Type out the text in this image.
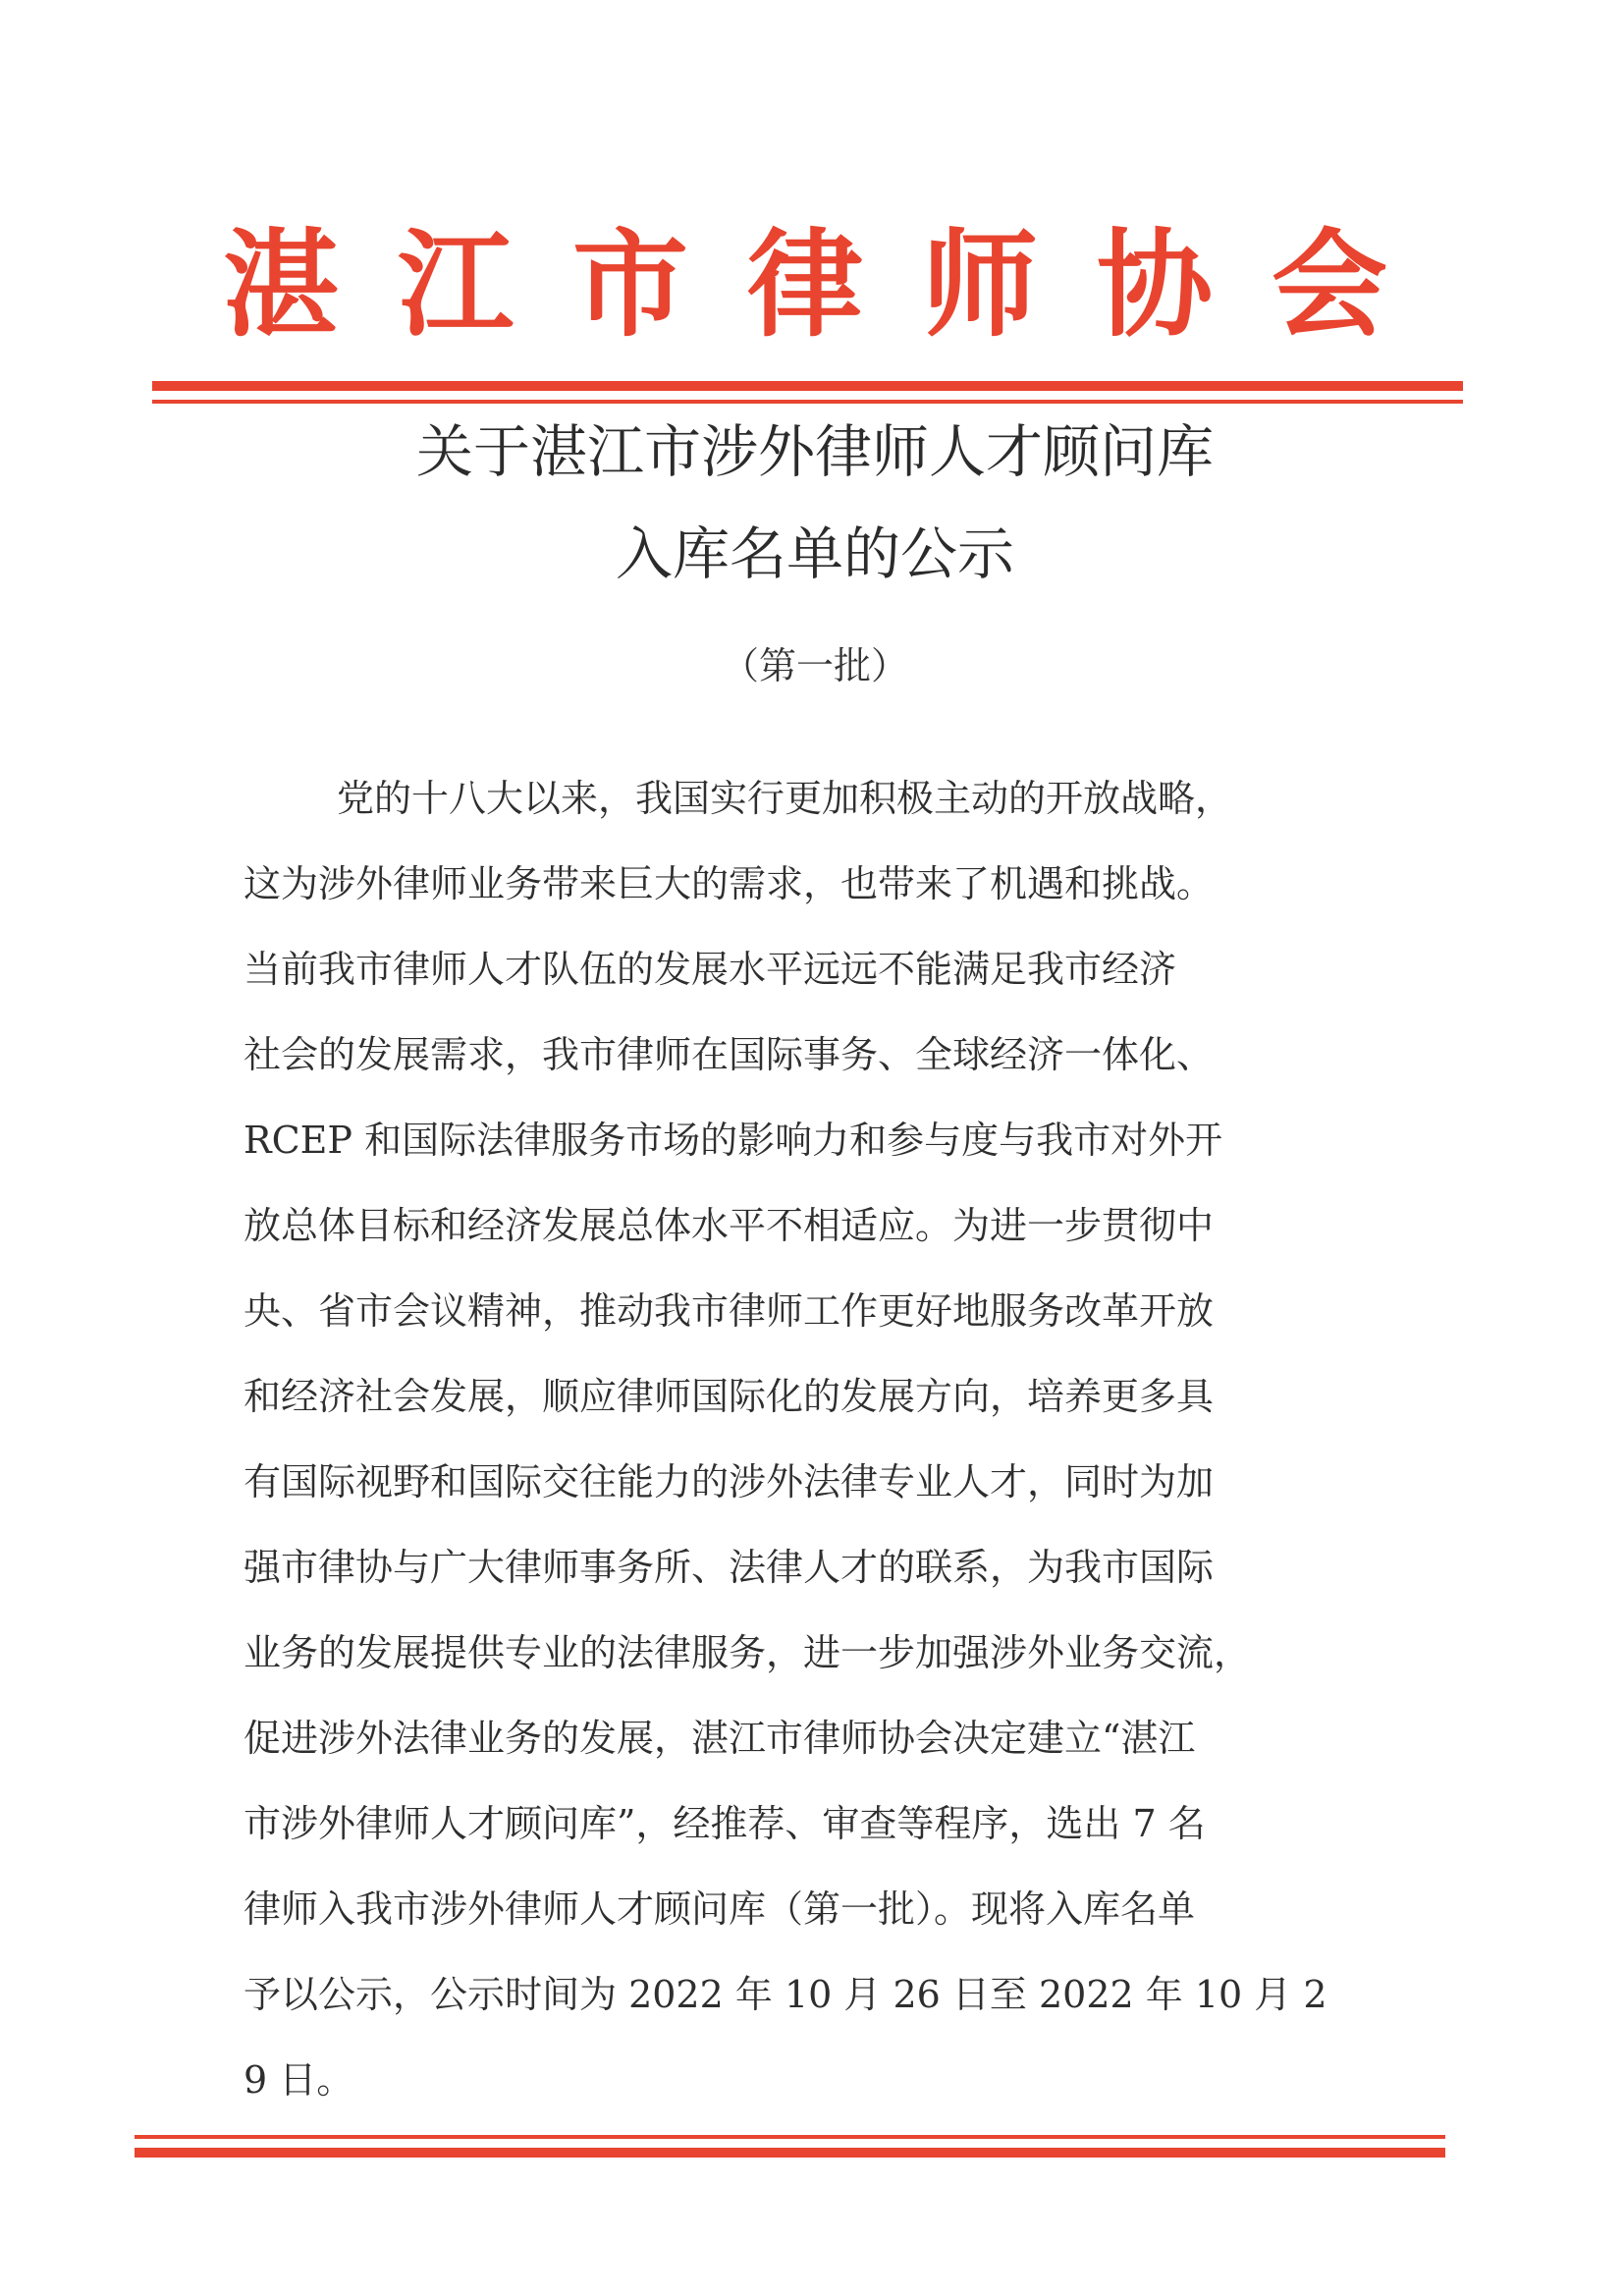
湛江市律师协会
关于湛江市涉外律师人才顾问库
入库名单的公示
（第一批）
党的十八大以来，我国实行更加积极主动的开放战略，
这为涉外律师业务带来巨大的需求，也带来了机遇和挑战。
当前我市律师人才队伍的发展水平远远不能满足我市经济
社会的发展需求，我市律师在国际事务、全球经济一体化、
RCEP 和国际法律服务市场的影响力和参与度与我市对外开
放总体目标和经济发展总体水平不相适应。为进一步贯彻中
央、省市会议精神，推动我市律师工作更好地服务改革开放
和经济社会发展，顺应律师国际化的发展方向，培养更多具
有国际视野和国际交往能力的涉外法律专业人才，同时为加
强市律协与广大律师事务所、法律人才的联系，为我市国际
业务的发展提供专业的法律服务，进一步加强涉外业务交流，
促进涉外法律业务的发展，湛江市律师协会决定建立“湛江
市涉外律师人才顾问库”，经推荐、审查等程序，选出 7 名
律师入我市涉外律师人才顾问库（第一批）。现将入库名单
予以公示，公示时间为 2022 年 10 月 26 日至 2022 年 10 月 2
9 日。
